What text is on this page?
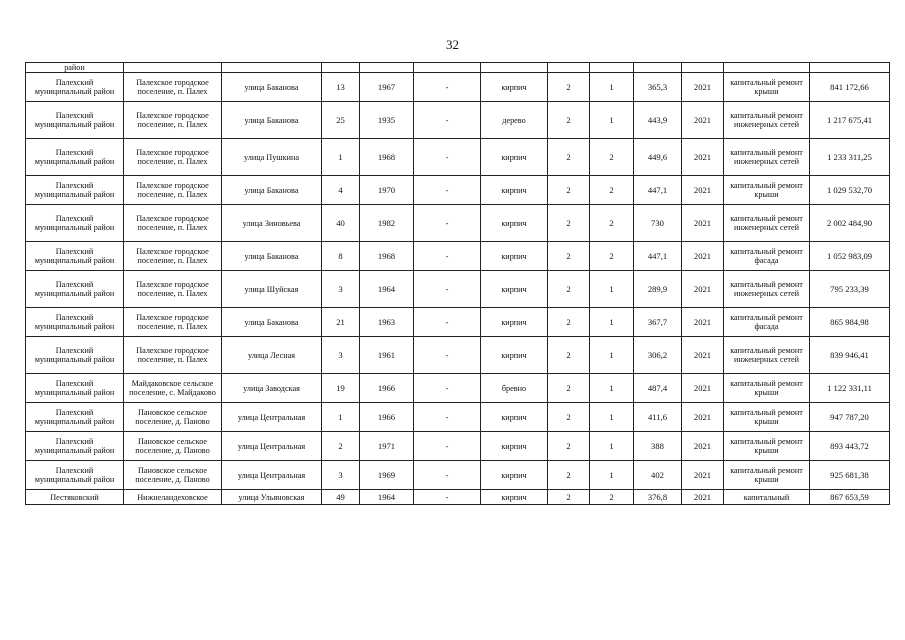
32
район												
Палехский муниципальный район	Палехское городское поселение, п. Палех	улица Бакановa	13	1967	-	кирпич	2	1	365,3	2021	капитальный ремонт крыши	841 172,66
Палехский муниципальный район	Палехское городское поселение, п. Палех	улица Бакановa	25	1935	-	дерево	2	1	443,9	2021	капитальный ремонт инженерных сетей	1 217 675,41
Палехский муниципальный район	Палехское городское поселение, п. Палех	улица Пушкина	1	1968	-	кирпич	2	2	449,6	2021	капитальный ремонт инженерных сетей	1 233 311,25
Палехский муниципальный район	Палехское городское поселение, п. Палех	улица Бакановa	4	1970	-	кирпич	2	2	447,1	2021	капитальный ремонт крыши	1 029 532,70
Палехский муниципальный район	Палехское городское поселение, п. Палех	улица Зиновьева	40	1982	-	кирпич	2	2	730	2021	капитальный ремонт инженерных сетей	2 002 484,90
Палехский муниципальный район	Палехское городское поселение, п. Палех	улица Бакановa	8	1968	-	кирпич	2	2	447,1	2021	капитальный ремонт фасада	1 052 983,09
Палехский муниципальный район	Палехское городское поселение, п. Палех	улица Шуйская	3	1964	-	кирпич	2	1	289,9	2021	капитальный ремонт инженерных сетей	795 233,39
Палехский муниципальный район	Палехское городское поселение, п. Палех	улица Бакановa	21	1963	-	кирпич	2	1	367,7	2021	капитальный ремонт фасада	865 984,98
Палехский муниципальный район	Палехское городское поселение, п. Палех	улица Лесная	3	1961	-	кирпич	2	1	306,2	2021	капитальный ремонт инженерных сетей	839 946,41
Палехский муниципальный район	Майдаковское сельское поселение, с. Майдаково	улица Заводская	19	1966	-	бревно	2	1	487,4	2021	капитальный ремонт крыши	1 122 331,11
Палехский муниципальный район	Пановское сельское поселение, д. Паново	улица Центральная	1	1966	-	кирпич	2	1	411,6	2021	капитальный ремонт крыши	947 787,20
Палехский муниципальный район	Пановское сельское поселение, д. Паново	улица Центральная	2	1971	-	кирпич	2	1	388	2021	капитальный ремонт крыши	893 443,72
Палехский муниципальный район	Пановское сельское поселение, д. Паново	улица Центральная	3	1969	-	кирпич	2	1	402	2021	капитальный ремонт крыши	925 681,38
Пестяковский	Нижнеландеховское	улица Ульяновская	49	1964	-	кирпич	2	2	376,8	2021	капитальный	867 653,59
